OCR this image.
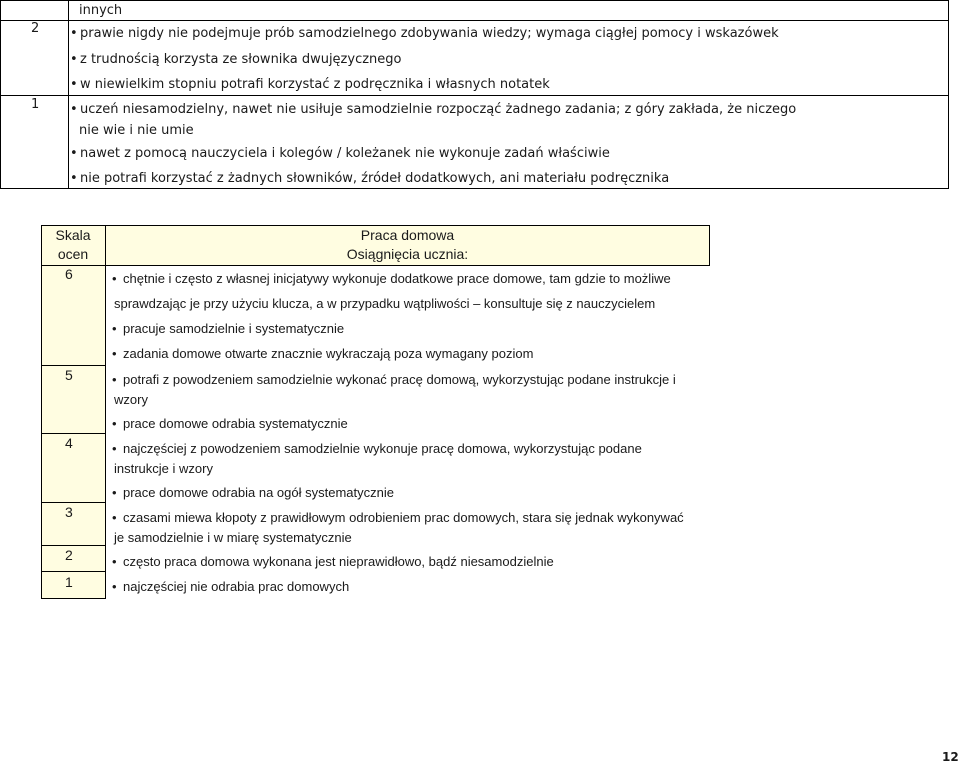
innych
2 • prawie nigdy nie podejmuje prób samodzielnego zdobywania wiedzy; wymaga ciągłej pomocy i wskazówek
• z trudnością korzysta ze słownika dwujęzycznego
• w niewielkim stopniu potrafi korzystać z podręcznika i własnych notatek
1 • uczeń niesamodzielny, nawet nie usiłuje samodzielnie rozpocząć żadnego zadania; z góry zakłada, że niczego
nie wie i nie umie
• nawet z pomocą nauczyciela i kolegów / koleżanek nie wykonuje zadań właściwie
• nie potrafi korzystać z żadnych słowników, źródeł dodatkowych, ani materiału podręcznika
Skala
ocen
Praca domowa
Osiągnięcia ucznia:
6
5
4
3
2
1
• chętnie i często z własnej inicjatywy wykonuje dodatkowe prace domowe, tam gdzie to możliwe
sprawdzając je przy użyciu klucza, a w przypadku wątpliwości – konsultuje się z nauczycielem
• pracuje samodzielnie i systematycznie
• zadania domowe otwarte znacznie wykraczają poza wymagany poziom
• potrafi z powodzeniem samodzielnie wykonać pracę domową, wykorzystując podane instrukcje i
wzory
• prace domowe odrabia systematycznie
• najczęściej z powodzeniem samodzielnie wykonuje pracę domowa, wykorzystując podane
instrukcje i wzory
• prace domowe odrabia na ogół systematycznie
• czasami miewa kłopoty z prawidłowym odrobieniem prac domowych, stara się jednak wykonywać
je samodzielnie i w miarę systematycznie
• często praca domowa wykonana jest nieprawidłowo, bądź niesamodzielnie
• najczęściej nie odrabia prac domowych
12
